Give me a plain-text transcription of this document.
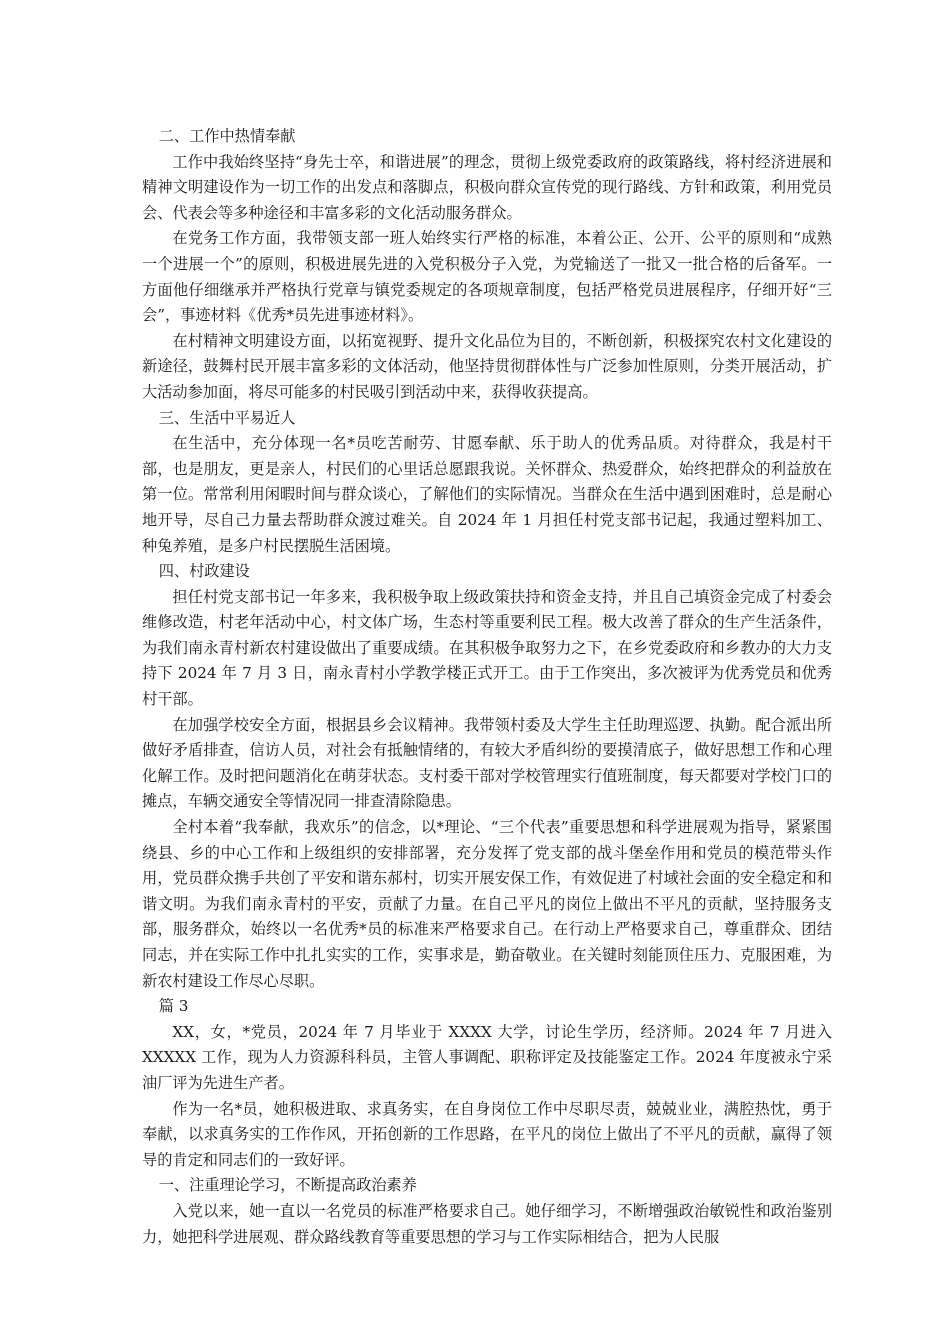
二、工作中热情奉献

工作中我始终坚持“身先士卒，和谐进展”的理念，贯彻上级党委政府的政策路线，将村经济进展和精神文明建设作为一切工作的出发点和落脚点，积极向群众宣传党的现行路线、方针和政策，利用党员会、代表会等多种途径和丰富多彩的文化活动服务群众。

在党务工作方面，我带领支部一班人始终实行严格的标准，本着公正、公开、公平的原则和“成熟一个进展一个”的原则，积极进展先进的入党积极分子入党，为党输送了一批又一批合格的后备军。一方面他仔细继承并严格执行党章与镇党委规定的各项规章制度，包括严格党员进展程序，仔细开好“三会”，事迹材料《优秀*员先进事迹材料》。

在村精神文明建设方面，以拓宽视野、提升文化品位为目的，不断创新，积极探究农村文化建设的新途径，鼓舞村民开展丰富多彩的文体活动，他坚持贯彻群体性与广泛参加性原则，分类开展活动，扩大活动参加面，将尽可能多的村民吸引到活动中来，获得收获提高。

三、生活中平易近人

在生活中，充分体现一名*员吃苦耐劳、甘愿奉献、乐于助人的优秀品质。对待群众，我是村干部，也是朋友，更是亲人，村民们的心里话总愿跟我说。关怀群众、热爱群众，始终把群众的利益放在第一位。常常利用闲暇时间与群众谈心，了解他们的实际情况。当群众在生活中遇到困难时，总是耐心地开导，尽自己力量去帮助群众渡过难关。自 2024 年 1 月担任村党支部书记起，我通过塑料加工、种兔养殖，是多户村民摆脱生活困境。

四、村政建设

担任村党支部书记一年多来，我积极争取上级政策扶持和资金支持，并且自己填资金完成了村委会维修改造，村老年活动中心，村文体广场，生态村等重要利民工程。极大改善了群众的生产生活条件，为我们南永青村新农村建设做出了重要成绩。在其积极争取努力之下，在乡党委政府和乡教办的大力支持下 2024 年 7 月 3 日，南永青村小学教学楼正式开工。由于工作突出，多次被评为优秀党员和优秀村干部。

在加强学校安全方面，根据县乡会议精神。我带领村委及大学生主任助理巡逻、执勤。配合派出所做好矛盾排查，信访人员，对社会有抵触情绪的，有较大矛盾纠纷的要摸清底子，做好思想工作和心理化解工作。及时把问题消化在萌芽状态。支村委干部对学校管理实行值班制度，每天都要对学校门口的摊点，车辆交通安全等情况同一排查清除隐患。

全村本着“我奉献，我欢乐”的信念，以*理论、“三个代表”重要思想和科学进展观为指导，紧紧围绕县、乡的中心工作和上级组织的安排部署，充分发挥了党支部的战斗堡垒作用和党员的模范带头作用，党员群众携手共创了平安和谐东郝村，切实开展安保工作，有效促进了村域社会面的安全稳定和和谐文明。为我们南永青村的平安，贡献了力量。在自己平凡的岗位上做出不平凡的贡献，坚持服务支部，服务群众，始终以一名优秀*员的标准来严格要求自己。在行动上严格要求自己，尊重群众、团结同志，并在实际工作中扎扎实实的工作，实事求是，勤奋敬业。在关键时刻能顶住压力、克服困难，为新农村建设工作尽心尽职。

篇 3

XX，女，*党员，2024 年 7 月毕业于 XXXX 大学，讨论生学历，经济师。2024 年 7 月进入 XXXXX 工作，现为人力资源科科员，主管人事调配、职称评定及技能鉴定工作。2024 年度被永宁采油厂评为先进生产者。

作为一名*员，她积极进取、求真务实，在自身岗位工作中尽职尽责，兢兢业业，满腔热忱，勇于奉献，以求真务实的工作作风，开拓创新的工作思路，在平凡的岗位上做出了不平凡的贡献，赢得了领导的肯定和同志们的一致好评。

一、注重理论学习，不断提高政治素养

入党以来，她一直以一名党员的标准严格要求自己。她仔细学习，不断增强政治敏锐性和政治鉴别力，她把科学进展观、群众路线教育等重要思想的学习与工作实际相结合，把为人民服
